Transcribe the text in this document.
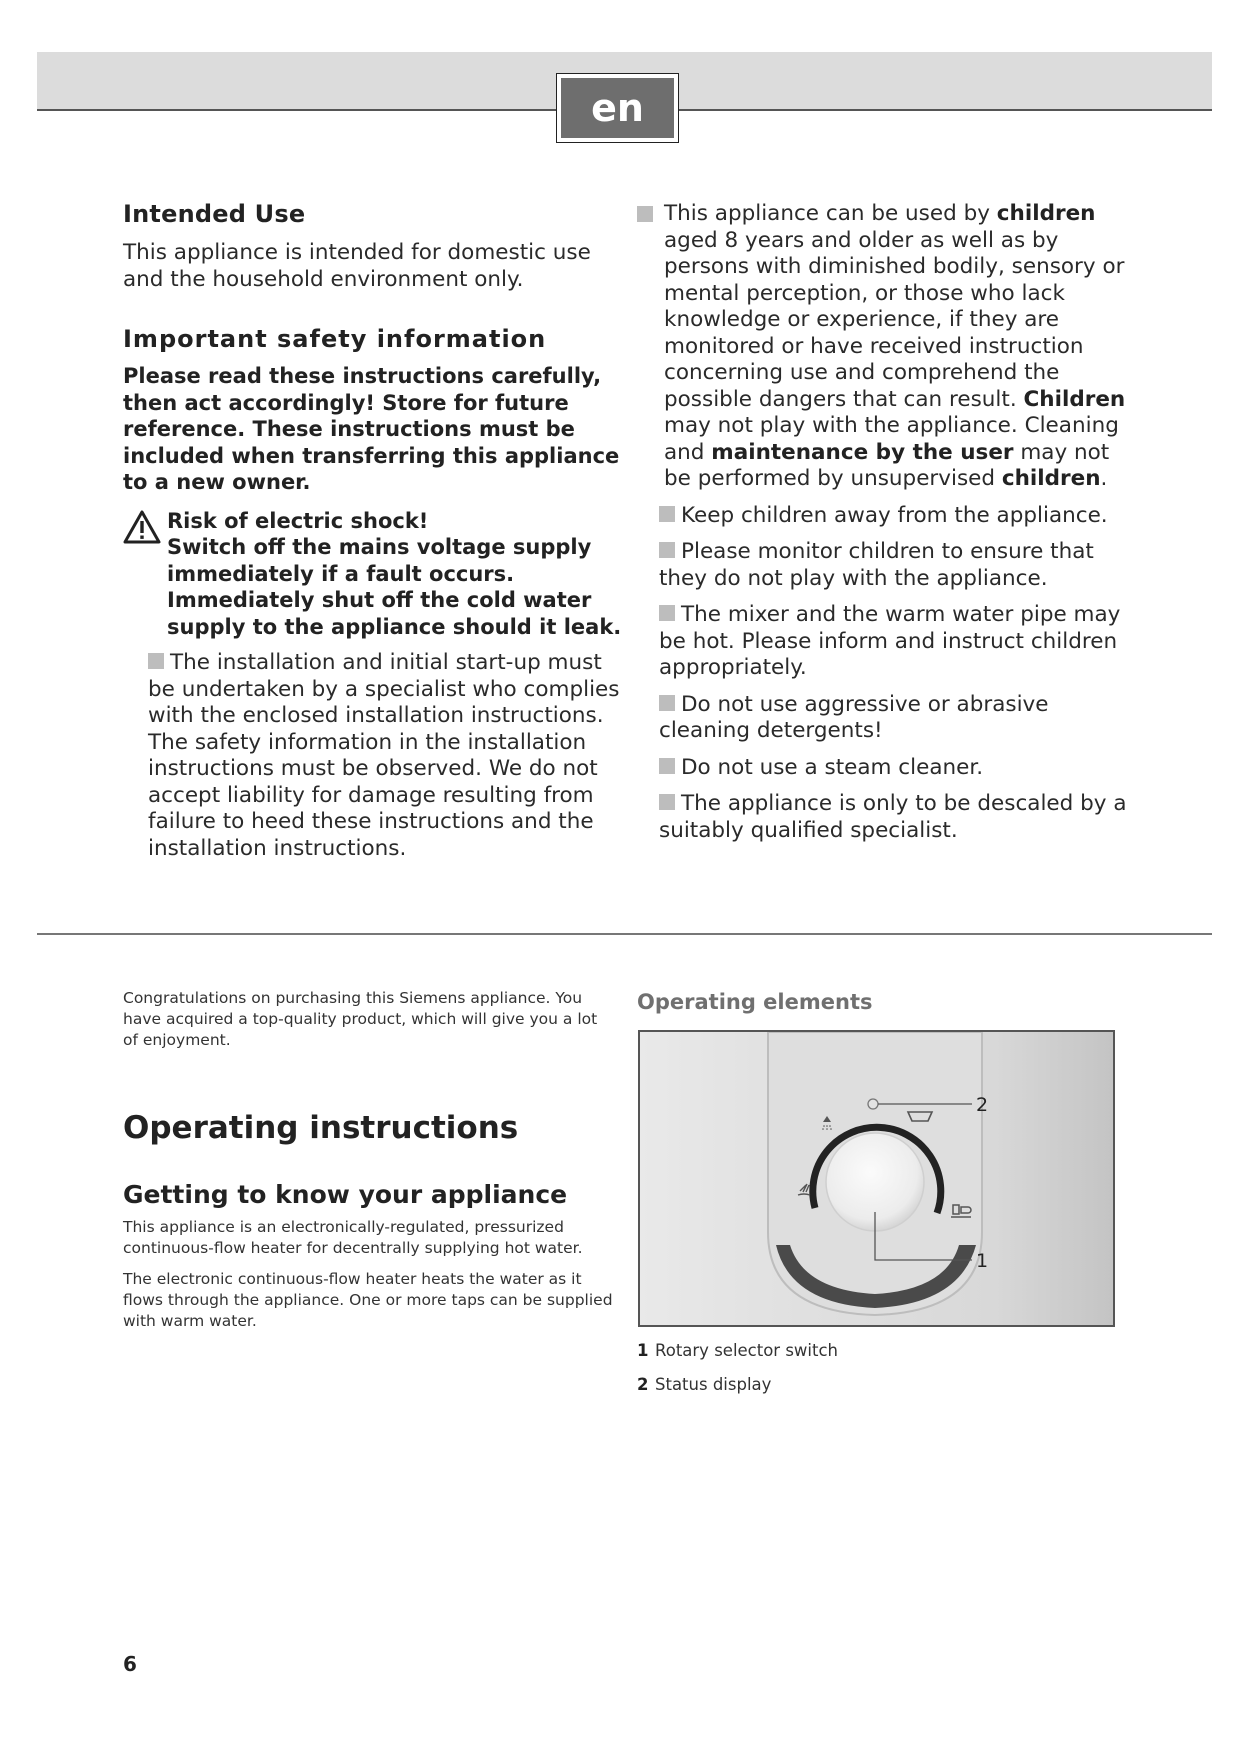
en
Intended Use

This appliance is intended for domestic use and the household environment only.

Important safety information

Please read these instructions carefully, then act accordingly! Store for future reference. These instructions must be included when transferring this appliance to a new owner.

Risk of electric shock!
Switch off the mains voltage supply immediately if a fault occurs.
Immediately shut off the cold water supply to the appliance should it leak.

The installation and initial start-up must be undertaken by a specialist who complies with the enclosed installation instructions. The safety information in the installation instructions must be observed. We do not accept liability for damage resulting from failure to heed these instructions and the installation instructions.

This appliance can be used by children aged 8 years and older as well as by persons with diminished bodily, sensory or mental perception, or those who lack knowledge or experience, if they are monitored or have received instruction concerning use and comprehend the possible dangers that can result. Children may not play with the appliance. Cleaning and maintenance by the user may not be performed by unsupervised children.

Keep children away from the appliance.

Please monitor children to ensure that they do not play with the appliance.

The mixer and the warm water pipe may be hot. Please inform and instruct children appropriately.

Do not use aggressive or abrasive cleaning detergents!

Do not use a steam cleaner.

The appliance is only to be descaled by a suitably qualified specialist.

Congratulations on purchasing this Siemens appliance. You have acquired a top-quality product, which will give you a lot of enjoyment.

Operating instructions
Getting to know your appliance

This appliance is an electronically-regulated, pressurized continuous-flow heater for decentrally supplying hot water.

The electronic continuous-flow heater heats the water as it flows through the appliance. One or more taps can be supplied with warm water.

Operating elements
2
1
1 Rotary selector switch
2 Status display
6
